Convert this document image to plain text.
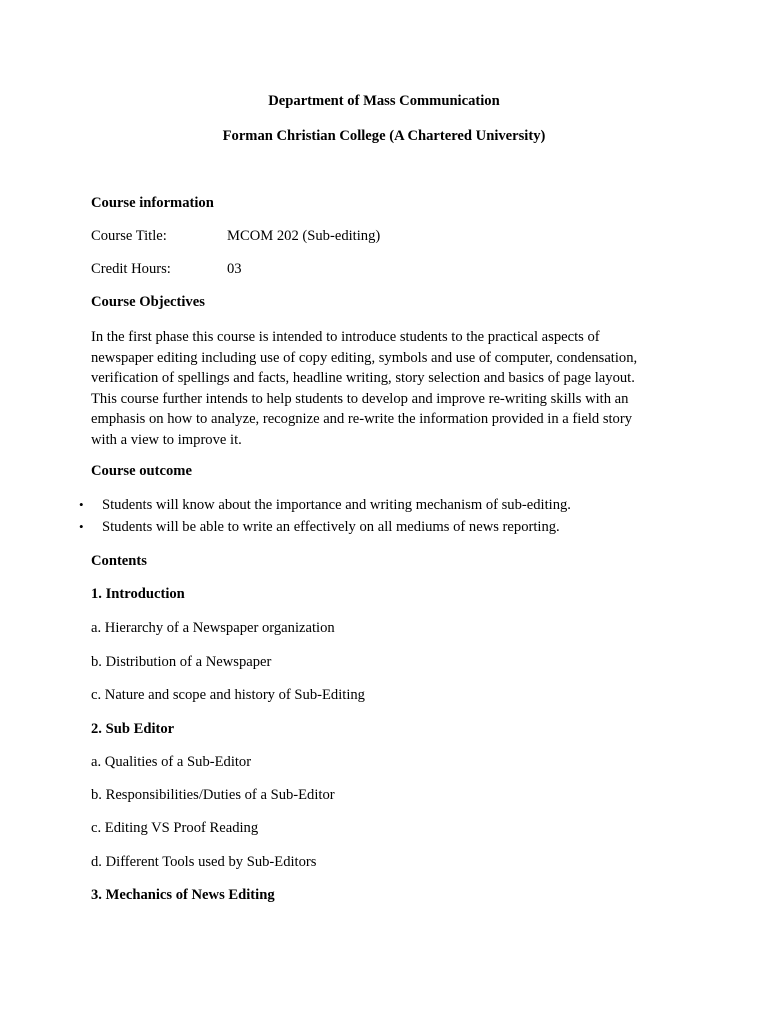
Department of Mass Communication
Forman Christian College (A Chartered University)
Course information
Course Title:	MCOM 202 (Sub-editing)
Credit Hours:	03
Course Objectives
In the first phase this course is intended to introduce students to the practical aspects of
newspaper editing including use of copy editing, symbols and use of computer, condensation,
verification of spellings and facts, headline writing, story selection and basics of page layout.
This course further intends to help students to develop and improve re-writing skills with an
emphasis on how to analyze, recognize and re-write the information provided in a field story
with a view to improve it.
Course outcome
• Students will know about the importance and writing mechanism of sub-editing.
• Students will be able to write an effectively on all mediums of news reporting.
Contents
1. Introduction
a. Hierarchy of a Newspaper organization
b. Distribution of a Newspaper
c. Nature and scope and history of Sub-Editing
2. Sub Editor
a. Qualities of a Sub-Editor
b. Responsibilities/Duties of a Sub-Editor
c. Editing VS Proof Reading
d. Different Tools used by Sub-Editors
3. Mechanics of News Editing
